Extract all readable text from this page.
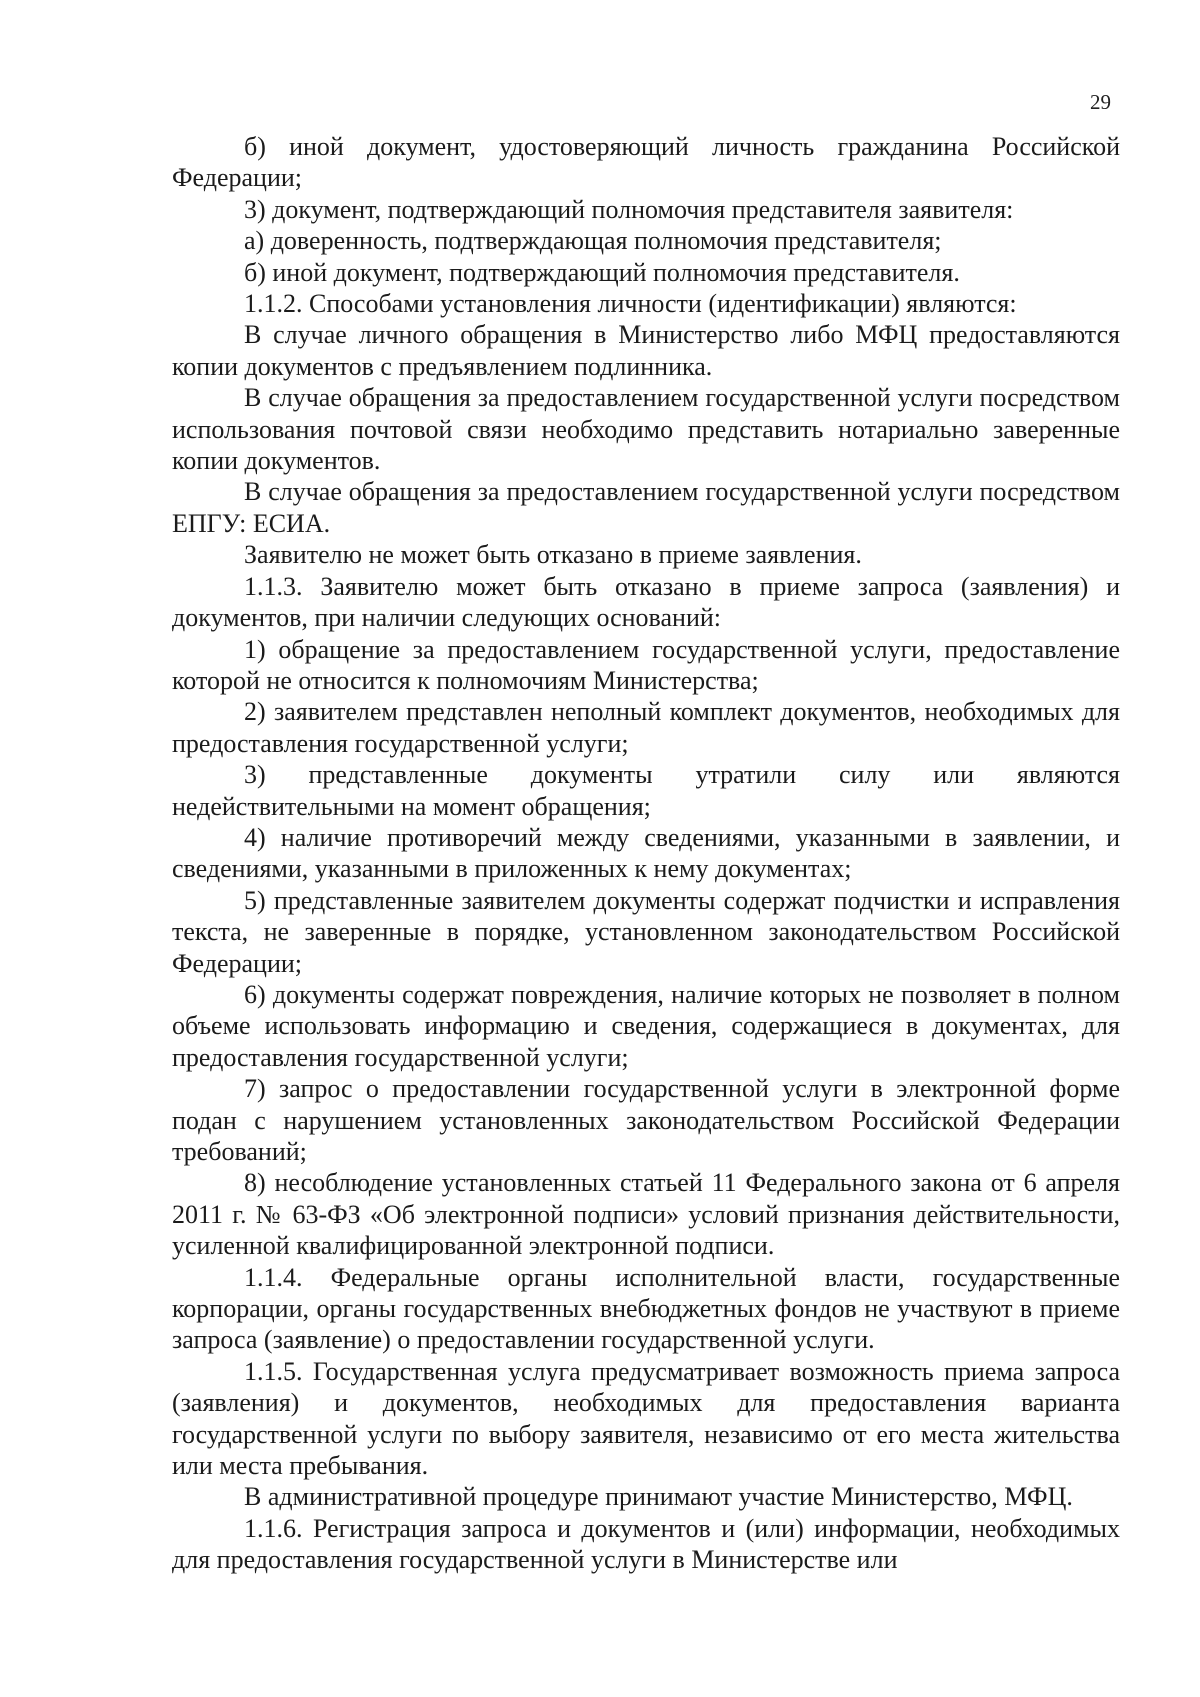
29

б) иной документ, удостоверяющий личность гражданина Российской Федерации;

3) документ, подтверждающий полномочия представителя заявителя:

а) доверенность, подтверждающая полномочия представителя;

б) иной документ, подтверждающий полномочия представителя.

1.1.2. Способами установления личности (идентификации) являются:

В случае личного обращения в Министерство либо МФЦ предоставляются копии документов с предъявлением подлинника.

В случае обращения за предоставлением государственной услуги посредством использования почтовой связи необходимо представить нотариально заверенные копии документов.

В случае обращения за предоставлением государственной услуги посредством ЕПГУ: ЕСИА.

Заявителю не может быть отказано в приеме заявления.

1.1.3. Заявителю может быть отказано в приеме запроса (заявления) и документов, при наличии следующих оснований:

1) обращение за предоставлением государственной услуги, предоставление которой не относится к полномочиям Министерства;

2) заявителем представлен неполный комплект документов, необходимых для предоставления государственной услуги;

3) представленные документы утратили силу или являются недействительными на момент обращения;

4) наличие противоречий между сведениями, указанными в заявлении, и сведениями, указанными в приложенных к нему документах;

5) представленные заявителем документы содержат подчистки и исправления текста, не заверенные в порядке, установленном законодательством Российской Федерации;

6) документы содержат повреждения, наличие которых не позволяет в полном объеме использовать информацию и сведения, содержащиеся в документах, для предоставления государственной услуги;

7) запрос о предоставлении государственной услуги в электронной форме подан с нарушением установленных законодательством Российской Федерации требований;

8) несоблюдение установленных статьей 11 Федерального закона от 6 апреля 2011 г. № 63-ФЗ «Об электронной подписи» условий признания действительности, усиленной квалифицированной электронной подписи.

1.1.4. Федеральные органы исполнительной власти, государственные корпорации, органы государственных внебюджетных фондов не участвуют в приеме запроса (заявление) о предоставлении государственной услуги.

1.1.5. Государственная услуга предусматривает возможность приема запроса (заявления) и документов, необходимых для предоставления варианта государственной услуги по выбору заявителя, независимо от его места жительства или места пребывания.

В административной процедуре принимают участие Министерство, МФЦ.

1.1.6. Регистрация запроса и документов и (или) информации, необходимых для предоставления государственной услуги в Министерстве или
